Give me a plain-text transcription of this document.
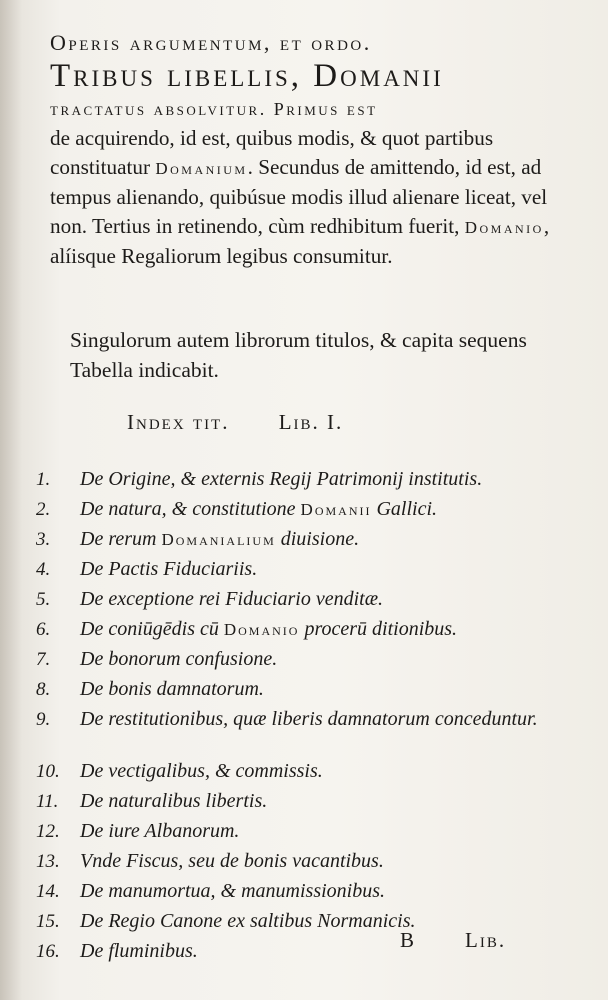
Operis argumentum, et ordo.

Tribus libellis, Domanii

tractatus absolvitur. Primus est
de acquirendo, id est, quibus modis, & quot partibus constituatur Domanium. Secundus de amittendo, id est, ad tempus alienando, quibúsue modis illud alienare liceat, vel non. Tertius in retinendo, cùm redhibitum fuerit, Domanio, alíisque Regaliorum legibus consumitur.

Singulorum autem librorum titulos, & capita sequens Tabella indicabit.

Index tit. Lib. I.
1.	De Origine, & externis Regij Patrimonij institutis.
2.	De natura, & constitutione Domanii Gallici.
3.	De rerum Domanialium diuisione.
4.	De Pactis Fiduciariis.
5.	De exceptione rei Fiduciario venditæ.
6.	De coniūgēdis cū Domanio procerū ditionibus.
7.	De bonorum confusione.
8.	De bonis damnatorum.
9.	De restitutionibus, quæ liberis damnatorum conceduntur.
10.	De vectigalibus, & commissis.
11.	De naturalibus libertis.
12.	De iure Albanorum.
13.	Vnde Fiscus, seu de bonis vacantibus.
14.	De manumortua, & manumissionibus.
15.	De Regio Canone ex saltibus Normanicis.
16.	De fluminibus.	B Lib.
